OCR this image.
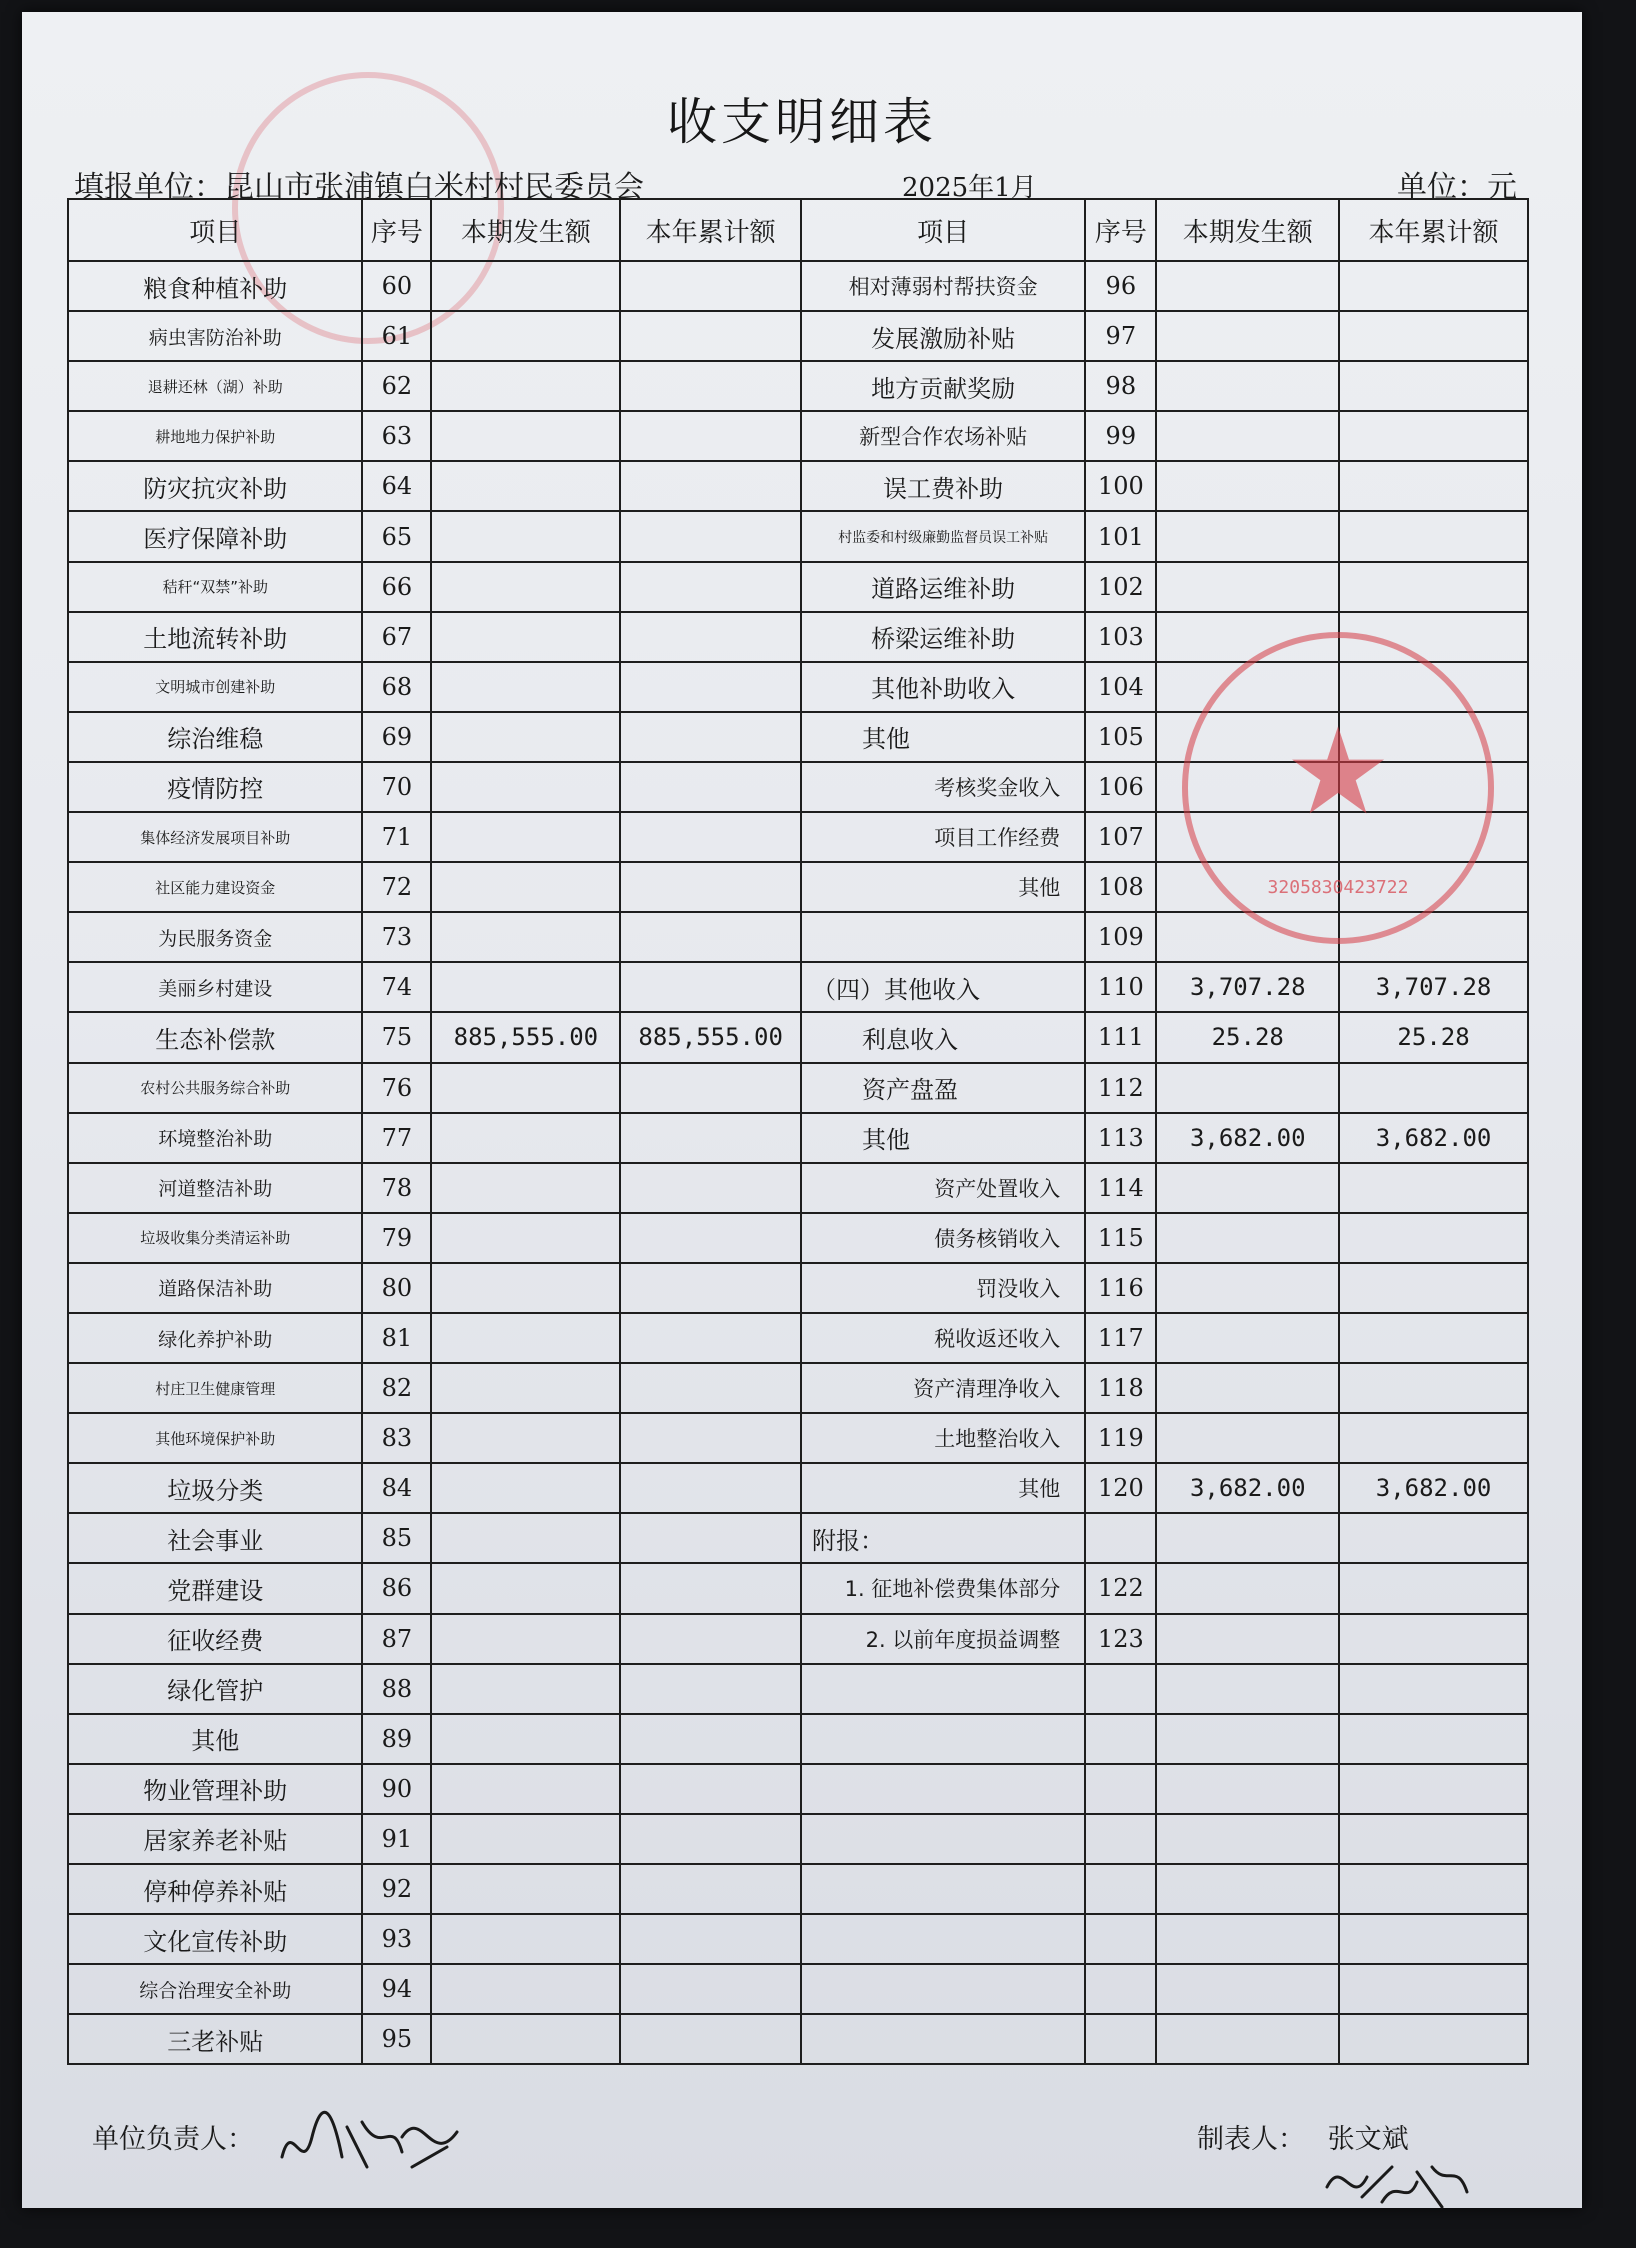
收支明细表
填报单位：昆山市张浦镇白米村村民委员会	2025年1月	单位：元
项目	序号	本期发生额	本年累计额	项目	序号	本期发生额	本年累计额
粮食种植补助	60			相对薄弱村帮扶资金	96		
病虫害防治补助	61			发展激励补贴	97		
退耕还林（湖）补助	62			地方贡献奖励	98		
耕地地力保护补助	63			新型合作农场补贴	99		
防灾抗灾补助	64			误工费补助	100		
医疗保障补助	65			村监委和村级廉勤监督员误工补贴	101		
秸秆“双禁”补助	66			道路运维补助	102		
土地流转补助	67			桥梁运维补助	103		
文明城市创建补助	68			其他补助收入	104		
综治维稳	69			其他	105		
疫情防控	70			考核奖金收入	106		
集体经济发展项目补助	71			项目工作经费	107		
社区能力建设资金	72			其他	108		
为民服务资金	73				109		
美丽乡村建设	74			（四）其他收入	110	3,707.28	3,707.28
生态补偿款	75	885,555.00	885,555.00	利息收入	111	25.28	25.28
农村公共服务综合补助	76			资产盘盈	112		
环境整治补助	77			其他	113	3,682.00	3,682.00
河道整洁补助	78			资产处置收入	114		
垃圾收集分类清运补助	79			债务核销收入	115		
道路保洁补助	80			罚没收入	116		
绿化养护补助	81			税收返还收入	117		
村庄卫生健康管理	82			资产清理净收入	118		
其他环境保护补助	83			土地整治收入	119		
垃圾分类	84			其他	120	3,682.00	3,682.00
社会事业	85			附报：			
党群建设	86			1. 征地补偿费集体部分	122		
征收经费	87			2. 以前年度损益调整	123		
绿化管护	88						
其他	89						
物业管理补助	90						
居家养老补贴	91						
停种停养补贴	92						
文化宣传补助	93						
综合治理安全补助	94						
三老补贴	95						
★
3205830423722
单位负责人：	制表人： 张文斌
